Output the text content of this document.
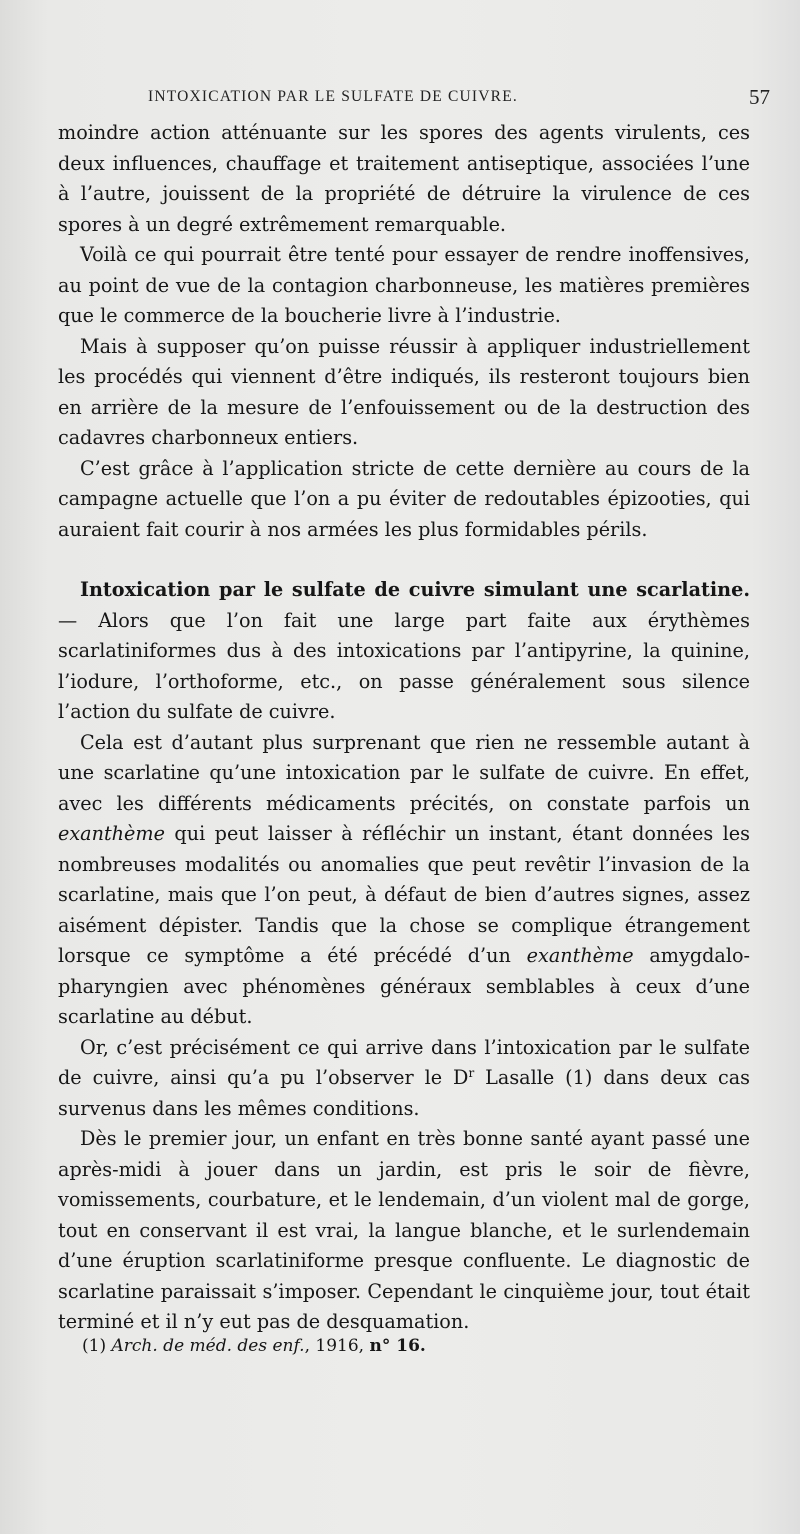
INTOXICATION PAR LE SULFATE DE CUIVRE.	57

moindre action atténuante sur les spores des agents virulents, ces deux influences, chauffage et traitement antiseptique, associées l’une à l’autre, jouissent de la propriété de détruire la virulence de ces spores à un degré extrêmement remarquable.

Voilà ce qui pourrait être tenté pour essayer de rendre inoffensives, au point de vue de la contagion charbonneuse, les matières premières que le commerce de la boucherie livre à l’industrie.

Mais à supposer qu’on puisse réussir à appliquer industriellement les procédés qui viennent d’être indiqués, ils resteront toujours bien en arrière de la mesure de l’enfouissement ou de la destruction des cadavres charbonneux entiers.

C’est grâce à l’application stricte de cette dernière au cours de la campagne actuelle que l’on a pu éviter de redoutables épizooties, qui auraient fait courir à nos armées les plus formidables périls.

Intoxication par le sulfate de cuivre simulant une scarlatine. — Alors que l’on fait une large part faite aux érythèmes scarlatiniformes dus à des intoxications par l’antipyrine, la quinine, l’iodure, l’orthoforme, etc., on passe généralement sous silence l’action du sulfate de cuivre.

Cela est d’autant plus surprenant que rien ne ressemble autant à une scarlatine qu’une intoxication par le sulfate de cuivre. En effet, avec les différents médicaments précités, on constate parfois un exanthème qui peut laisser à réfléchir un instant, étant données les nombreuses modalités ou anomalies que peut revêtir l’invasion de la scarlatine, mais que l’on peut, à défaut de bien d’autres signes, assez aisément dépister. Tandis que la chose se complique étrangement lorsque ce symptôme a été précédé d’un exanthème amygdalo-pharyngien avec phénomènes généraux semblables à ceux d’une scarlatine au début.

Or, c’est précisément ce qui arrive dans l’intoxication par le sulfate de cuivre, ainsi qu’a pu l’observer le $D^r$ Lasalle (1) dans deux cas survenus dans les mêmes conditions.

Dès le premier jour, un enfant en très bonne santé ayant passé une après-midi à jouer dans un jardin, est pris le soir de fièvre, vomissements, courbature, et le lendemain, d’un violent mal de gorge, tout en conservant il est vrai, la langue blanche, et le surlendemain d’une éruption scarlatiniforme presque confluente. Le diagnostic de scarlatine paraissait s’imposer. Cependant le cinquième jour, tout était terminé et il n’y eut pas de desquamation.

(1) Arch. de méd. des enf., 1916, n° 16.
